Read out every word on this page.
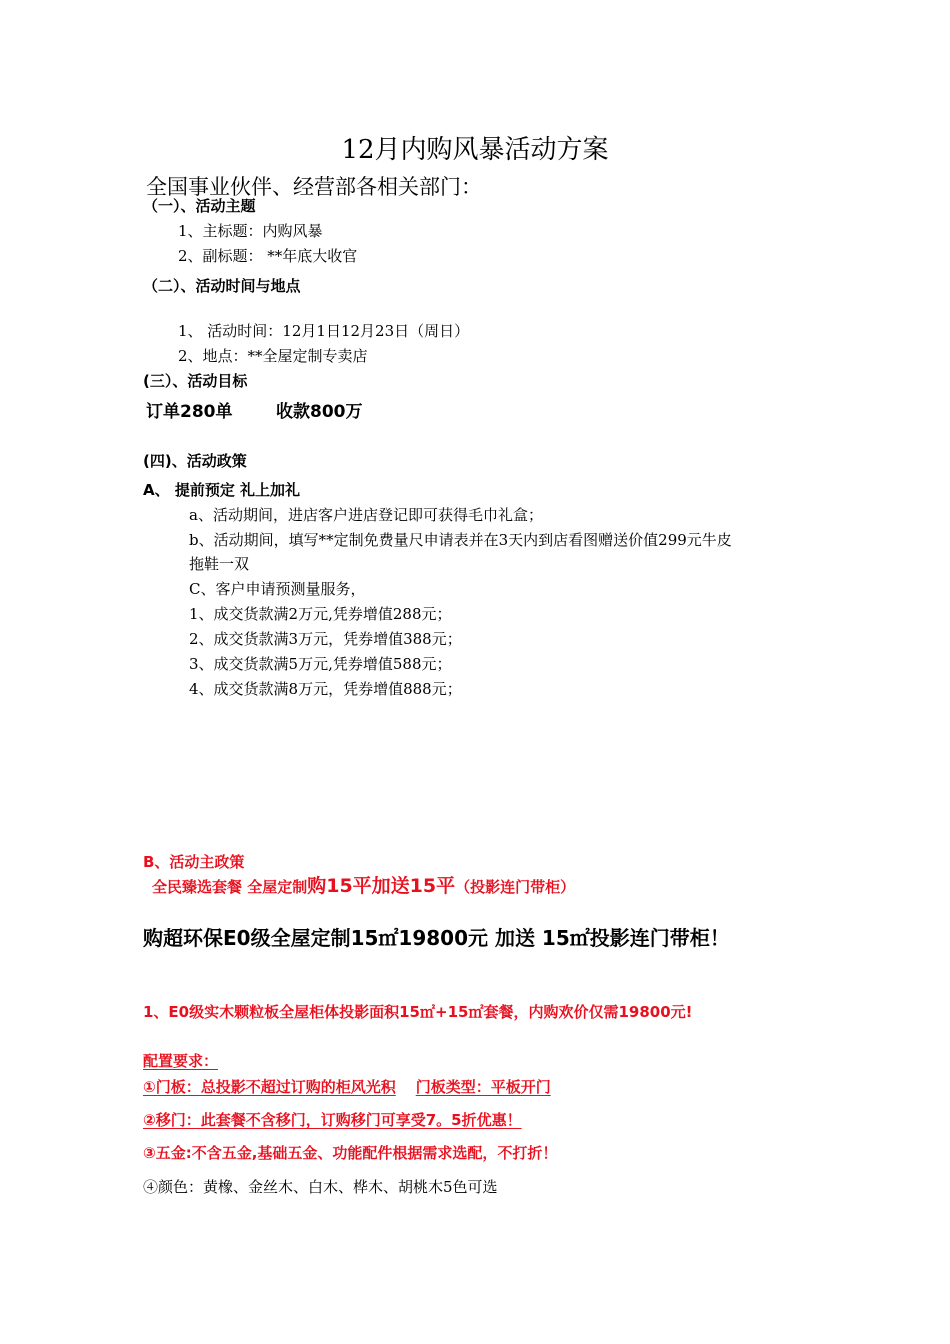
12月内购风暴活动方案
全国事业伙伴、经营部各相关部门：
（一）、活动主题
1、主标题：内购风暴
2、副标题： **年底大收官
（二）、活动时间与地点
1、 活动时间：12月1日12月23日（周日）
2、地点：**全屋定制专卖店
(三）、活动目标
订单280单	收款800万
(四)、活动政策
A、 提前预定 礼上加礼
a、活动期间，进店客户进店登记即可获得毛巾礼盒；
b、活动期间，填写**定制免费量尺申请表并在3天内到店看图赠送价值299元牛皮
拖鞋一双
C、客户申请预测量服务，
1、成交货款满2万元,凭券增值288元；
2、成交货款满3万元，凭券增值388元；
3、成交货款满5万元,凭券增值588元；
4、成交货款满8万元，凭券增值888元；
B、活动主政策
全民臻选套餐 全屋定制购15平加送15平（投影连门带柜）
购超环保E0级全屋定制15㎡19800元 加送 15㎡投影连门带柜！
1、E0级实木颗粒板全屋柜体投影面积15㎡+15㎡套餐，内购欢价仅需19800元!
配置要求：
①门板：总投影不超过订购的柜风光积 门板类型：平板开门
②移门：此套餐不含移门，订购移门可享受7。5折优惠！
③五金:不含五金,基础五金、功能配件根据需求选配，不打折！
④颜色：黄橡、金丝木、白木、桦木、胡桃木5色可选
